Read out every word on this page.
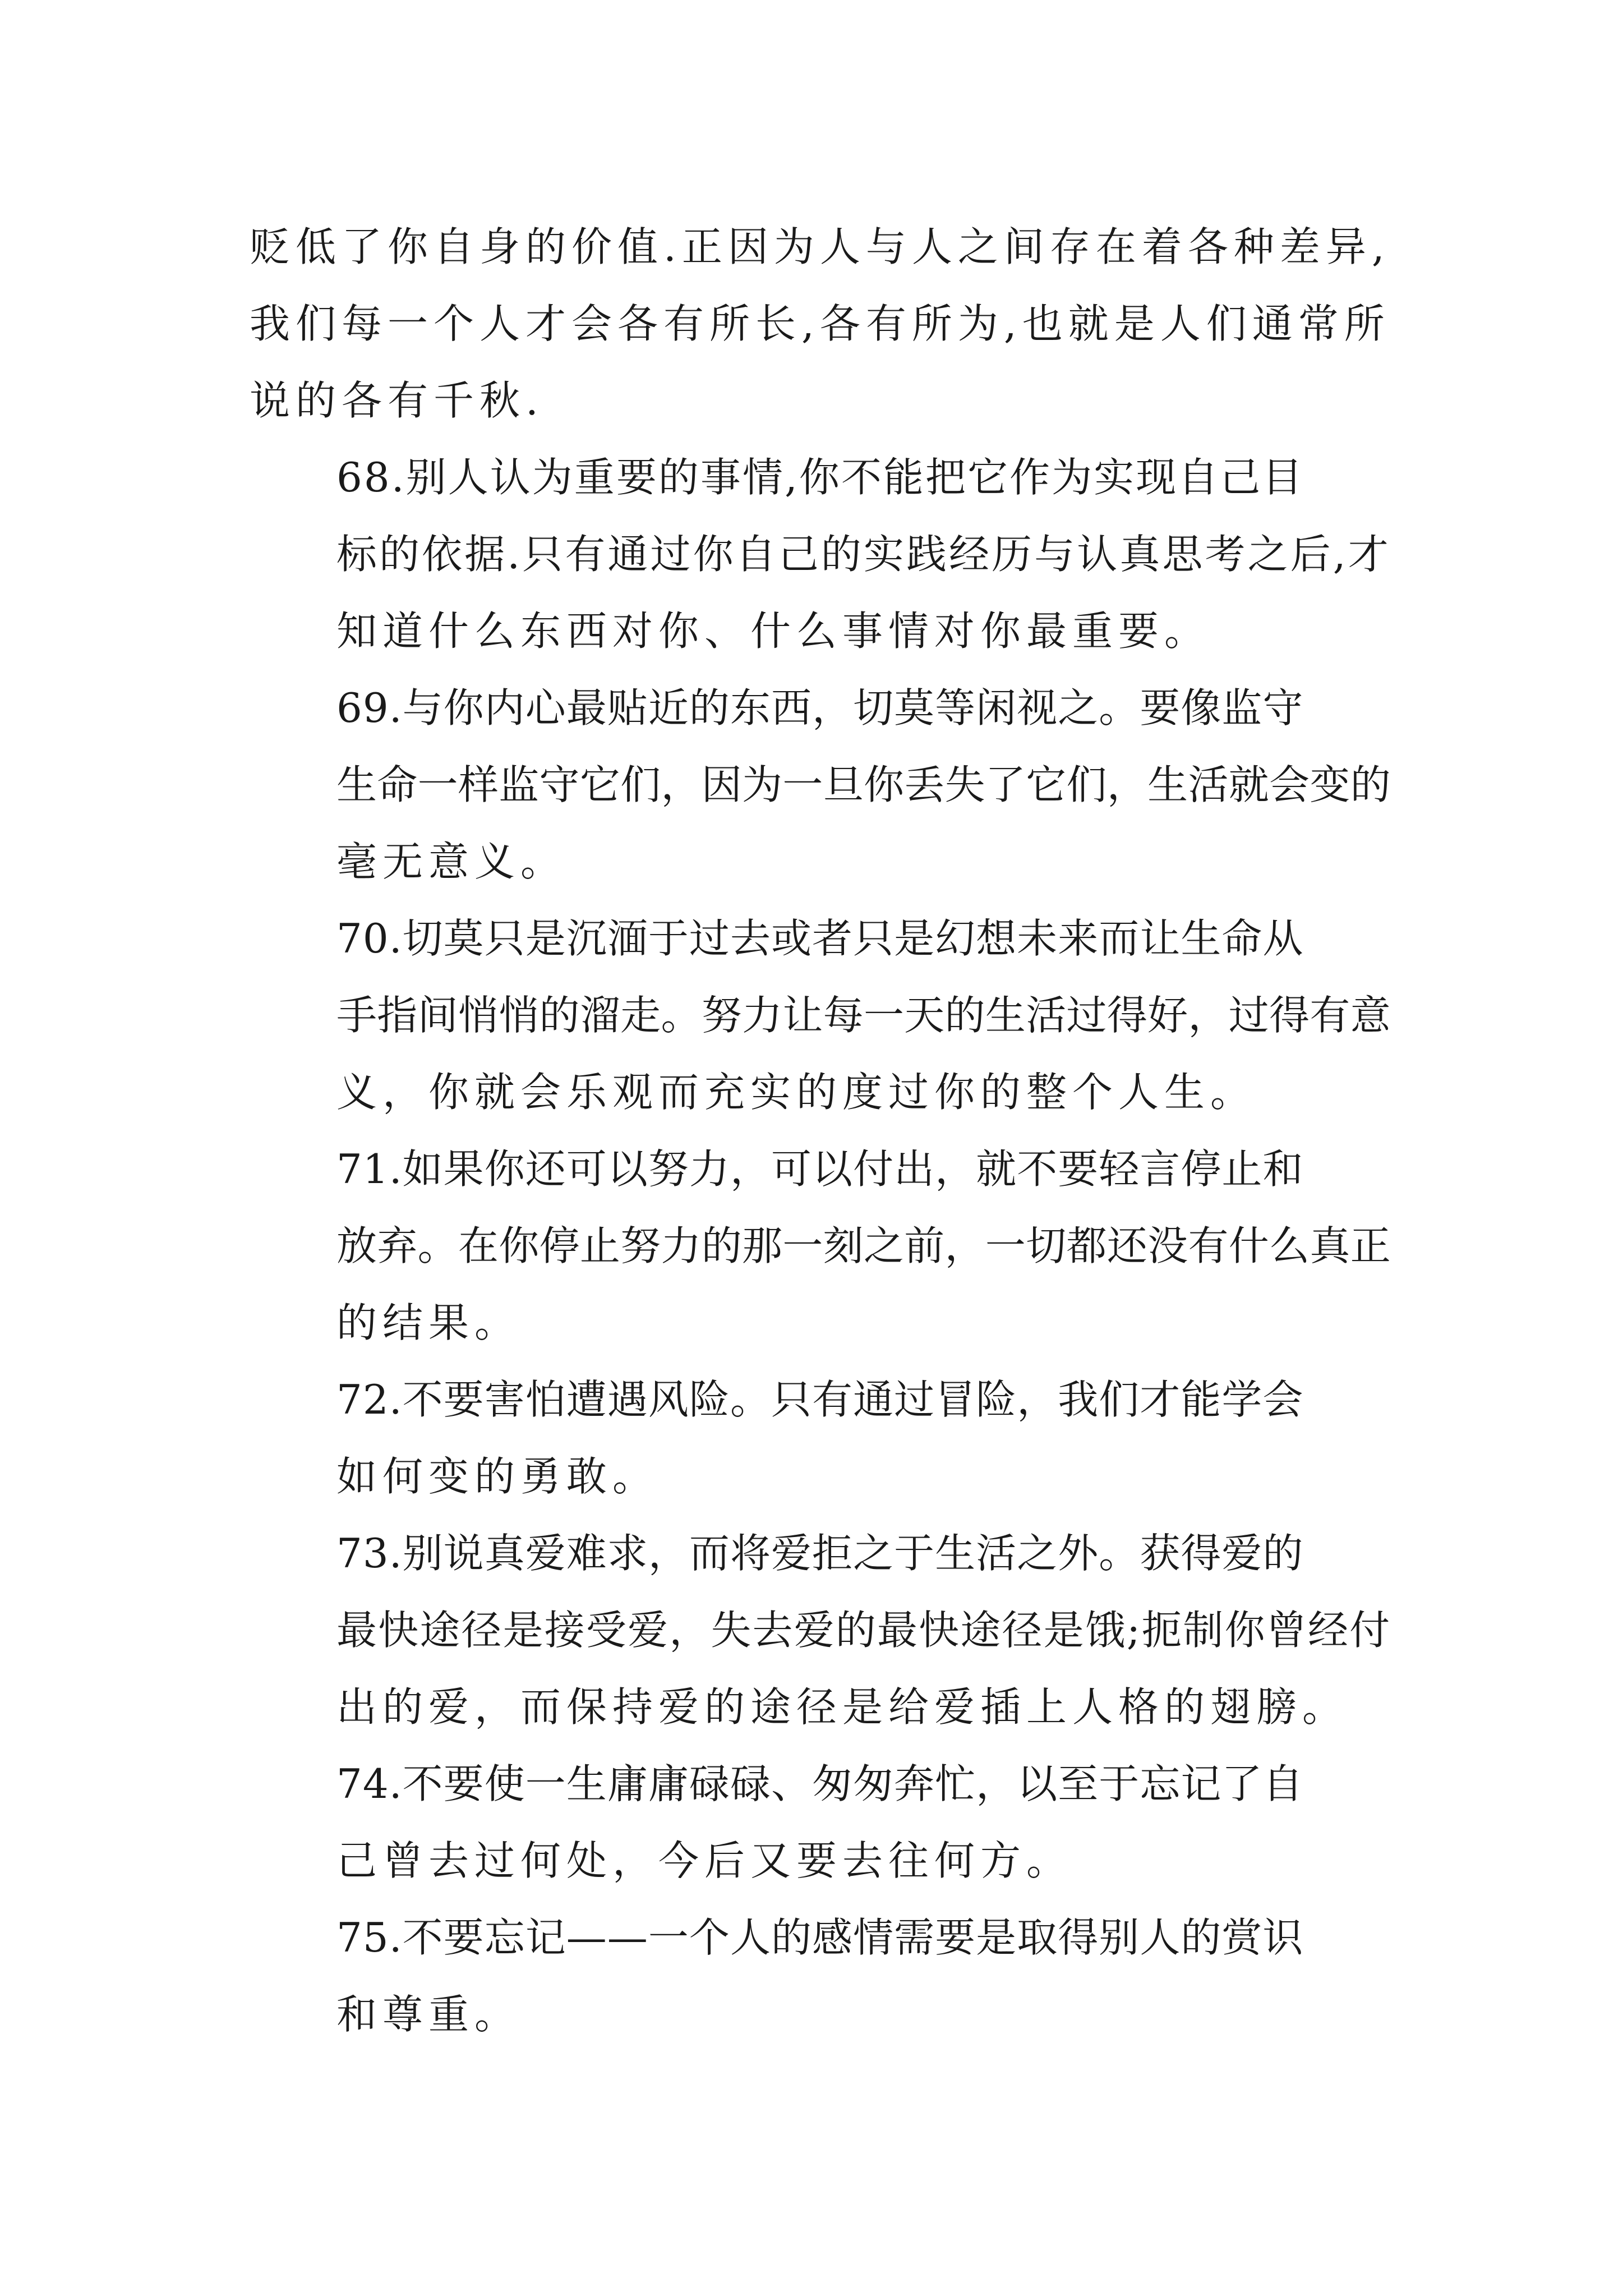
贬低了你自身的价值.正因为人与人之间存在着各种差异,
我们每一个人才会各有所长,各有所为,也就是人们通常所
说的各有千秋.
68.别人认为重要的事情,你不能把它作为实现自己目
标的依据.只有通过你自己的实践经历与认真思考之后,才
知道什么东西对你、什么事情对你最重要。
69.与你内心最贴近的东西，切莫等闲视之。要像监守
生命一样监守它们，因为一旦你丢失了它们，生活就会变的
毫无意义。
70.切莫只是沉湎于过去或者只是幻想未来而让生命从
手指间悄悄的溜走。努力让每一天的生活过得好，过得有意
义，你就会乐观而充实的度过你的整个人生。
71.如果你还可以努力，可以付出，就不要轻言停止和
放弃。在你停止努力的那一刻之前，一切都还没有什么真正
的结果。
72.不要害怕遭遇风险。只有通过冒险，我们才能学会
如何变的勇敢。
73.别说真爱难求，而将爱拒之于生活之外。获得爱的
最快途径是接受爱，失去爱的最快途径是饿;扼制你曾经付
出的爱，而保持爱的途径是给爱插上人格的翅膀。
74.不要使一生庸庸碌碌、匆匆奔忙，以至于忘记了自
己曾去过何处，今后又要去往何方。
75.不要忘记——一个人的感情需要是取得别人的赏识
和尊重。
